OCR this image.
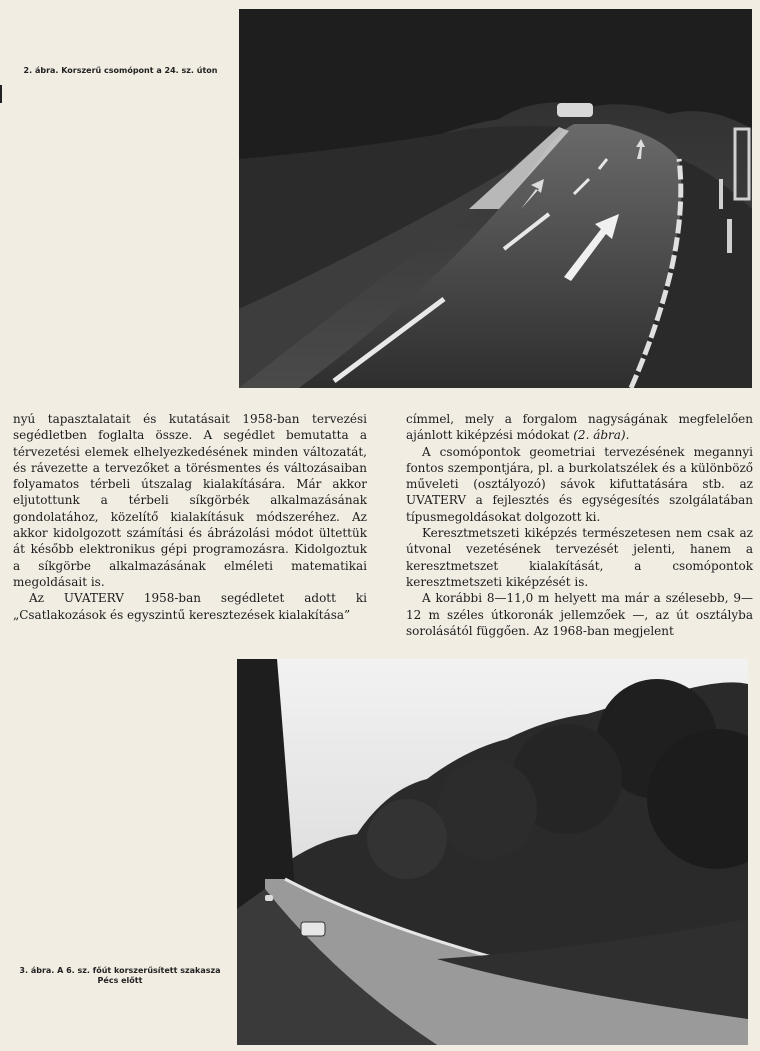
2. ábra. Korszerű csomópont a 24. sz. úton

nyú tapasztalatait és kutatásait 1958-ban tervezési segédletben foglalta össze. A segédlet bemutatta a térvezetési elemek elhelyezkedésének minden változatát, és rávezette a tervezőket a törésmentes és változásaiban folyamatos térbeli útszalag kialakítására. Már akkor eljutottunk a térbeli síkgörbék alkalmazásának gondolatához, közelítő kialakításuk módszeréhez. Az akkor kidolgozott számítási és ábrázolási módot ültettük át később elektronikus gépi programozásra. Kidolgoztuk a síkgörbe alkalmazásának elméleti matematikai megoldásait is.

Az UVATERV 1958-ban segédletet adott ki „Csatlakozások és egyszintű keresztezések kialakítása”

címmel, mely a forgalom nagyságának megfelelően ajánlott kiképzési módokat (2. ábra).

A csomópontok geometriai tervezésének megannyi fontos szempontjára, pl. a burkolatszélek és a különböző műveleti (osztályozó) sávok kifuttatására stb. az UVATERV a fejlesztés és egységesítés szolgálatában típusmegoldásokat dolgozott ki.

Keresztmetszeti kiképzés természetesen nem csak az útvonal vezetésének tervezését jelenti, hanem a keresztmetszet kialakítását, a csomópontok keresztmetszeti kiképzését is.

A korábbi 8—11,0 m helyett ma már a szélesebb, 9—12 m széles útkoronák jellemzőek —, az út osztályba sorolásától függően. Az 1968-ban megjelent

3. ábra. A 6. sz. főút korszerűsített szakasza Pécs előtt
